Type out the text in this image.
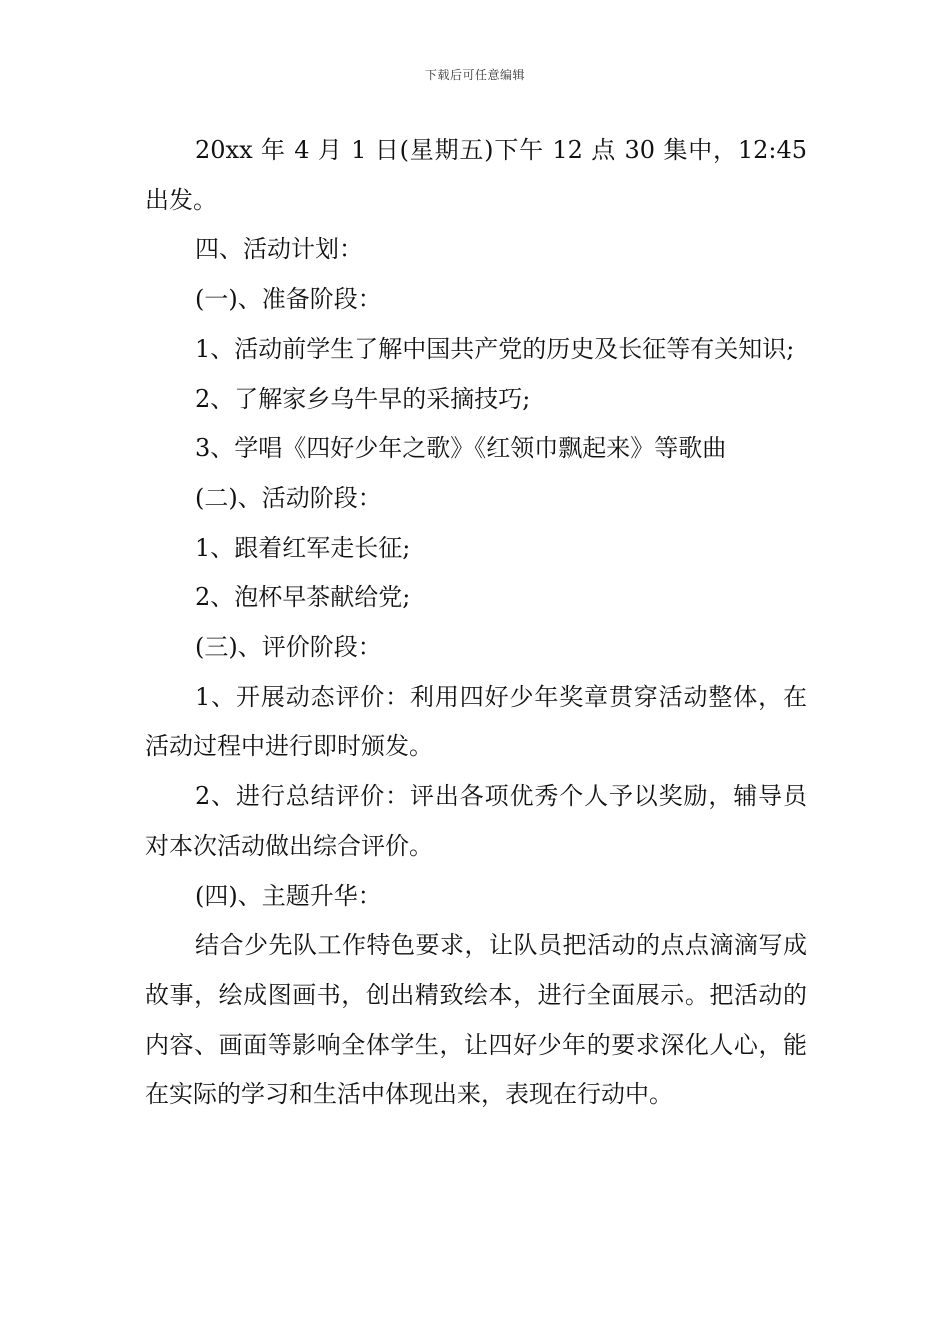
下载后可任意编辑

20xx 年 4 月 1 日(星期五)下午 12 点 30 集中，12:45 出发。

四、活动计划：

(一)、准备阶段：

1、活动前学生了解中国共产党的历史及长征等有关知识;

2、了解家乡乌牛早的采摘技巧;

3、学唱《四好少年之歌》《红领巾飘起来》等歌曲

(二)、活动阶段：

1、跟着红军走长征;

2、泡杯早茶献给党;

(三)、评价阶段：

1、开展动态评价：利用四好少年奖章贯穿活动整体，在活动过程中进行即时颁发。

2、进行总结评价：评出各项优秀个人予以奖励，辅导员对本次活动做出综合评价。

(四)、主题升华：

结合少先队工作特色要求，让队员把活动的点点滴滴写成故事，绘成图画书，创出精致绘本，进行全面展示。把活动的内容、画面等影响全体学生，让四好少年的要求深化人心，能在实际的学习和生活中体现出来，表现在行动中。
